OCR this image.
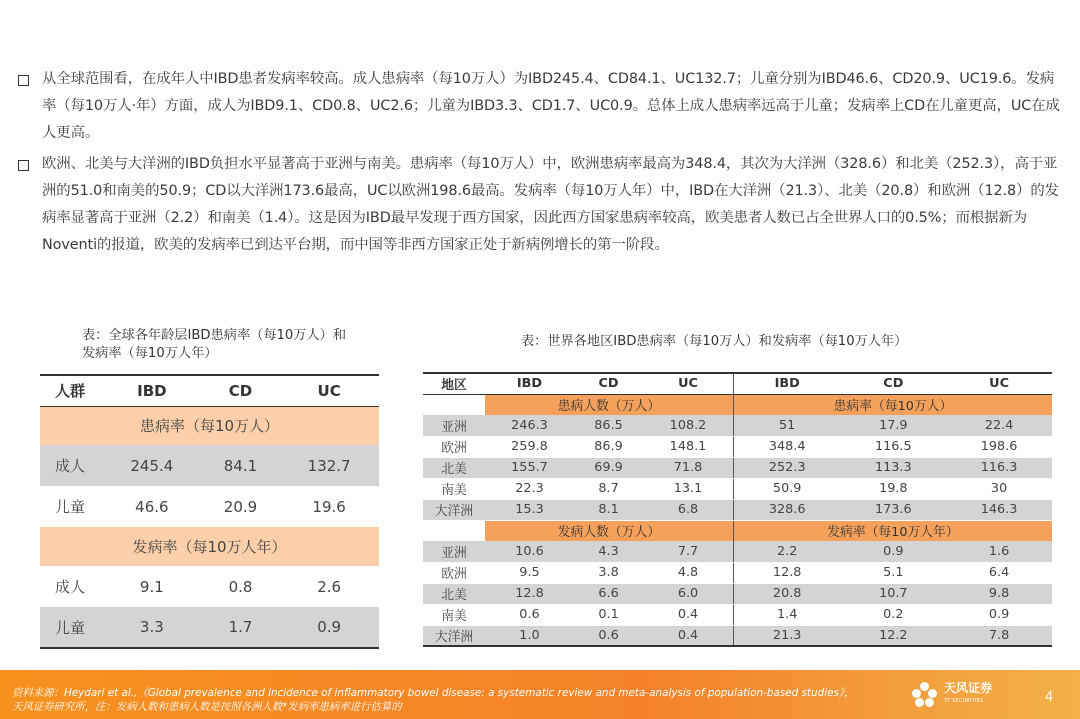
从全球范围看，在成年人中IBD患者发病率较高。成人患病率（每10万人）为IBD245.4、CD84.1、UC132.7；儿童分别为IBD46.6、CD20.9、UC19.6。发病率（每10万人·年）方面，成人为IBD9.1、CD0.8、UC2.6；儿童为IBD3.3、CD1.7、UC0.9。总体上成人患病率远高于儿童；发病率上CD在儿童更高，UC在成人更高。

欧洲、北美与大洋洲的IBD负担水平显著高于亚洲与南美。患病率（每10万人）中，欧洲患病率最高为348.4，其次为大洋洲（328.6）和北美（252.3），高于亚洲的51.0和南美的50.9；CD以大洋洲173.6最高，UC以欧洲198.6最高。发病率（每10万人年）中，IBD在大洋洲（21.3）、北美（20.8）和欧洲（12.8）的发病率显著高于亚洲（2.2）和南美（1.4）。这是因为IBD最早发现于西方国家，因此西方国家患病率较高，欧美患者人数已占全世界人口的0.5%；而根据新为Noventi的报道，欧美的发病率已到达平台期，而中国等非西方国家正处于新病例增长的第一阶段。

表：全球各年龄层IBD患病率（每10万人）和发病率（每10万人年）
表：世界各地区IBD患病率（每10万人）和发病率（每10万人年）
人群	IBD	CD	UC
患病率（每10万人）			
成人	245.4	84.1	132.7
儿童	46.6	20.9	19.6
发病率（每10万人年）			
成人	9.1	0.8	2.6
儿童	3.3	1.7	0.9
地区	IBD	CD	UC	IBD	CD	UC
	患病人数（万人）			患病率（每10万人）		
亚洲	246.3	86.5	108.2	51	17.9	22.4
欧洲	259.8	86.9	148.1	348.4	116.5	198.6
北美	155.7	69.9	71.8	252.3	113.3	116.3
南美	22.3	8.7	13.1	50.9	19.8	30
大洋洲	15.3	8.1	6.8	328.6	173.6	146.3
	发病人数（万人）			发病率（每10万人年）		
亚洲	10.6	4.3	7.7	2.2	0.9	1.6
欧洲	9.5	3.8	4.8	12.8	5.1	6.4
北美	12.8	6.6	6.0	20.8	10.7	9.8
南美	0.6	0.1	0.4	1.4	0.2	0.9
大洋洲	1.0	0.6	0.4	21.3	12.2	7.8
资料来源：Heydari et al.,《Global prevalence and incidence of inflammatory bowel disease: a systematic review and meta-analysis of population-based studies》，天风证券研究所，注：发病人数和患病人数是按照各洲人数*发病率患病率进行估算的
天风证券
TF SECURITIES	4
